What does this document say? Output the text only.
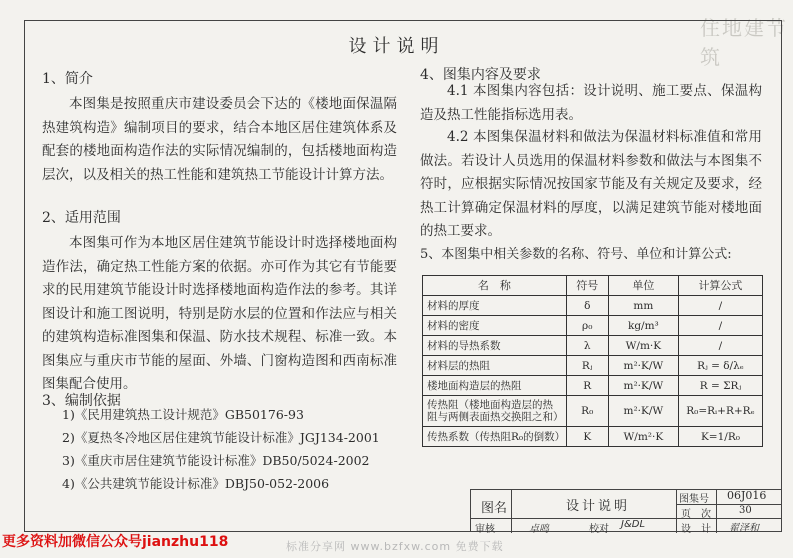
住地建节筑
设计说明
1、简介
本图集是按照重庆市建设委员会下达的《楼地面保温隔热建筑构造》编制项目的要求，结合本地区居住建筑体系及配套的楼地面构造作法的实际情况编制的，包括楼地面构造层次，以及相关的热工性能和建筑热工节能设计计算方法。
2、适用范围
本图集可作为本地区居住建筑节能设计时选择楼地面构造作法，确定热工性能方案的依据。亦可作为其它有节能要求的民用建筑节能设计时选择楼地面构造作法的参考。其详图设计和施工图说明，特别是防水层的位置和作法应与相关的建筑构造标准图集和保温、防水技术规程、标准一致。本图集应与重庆市节能的屋面、外墙、门窗构造图和西南标准图集配合使用。
3、编制依据
1)《民用建筑热工设计规范》GB50176-93
2)《夏热冬冷地区居住建筑节能设计标准》JGJ134-2001
3)《重庆市居住建筑节能设计标准》DB50/5024-2002
4)《公共建筑节能设计标准》DBJ50-052-2006
4、图集内容及要求
4.1 本图集内容包括：设计说明、施工要点、保温构造及热工性能指标选用表。
4.2 本图集保温材料和做法为保温材料标准值和常用做法。若设计人员选用的保温材料参数和做法与本图集不符时，应根据实际情况按国家节能及有关规定及要求，经热工计算确定保温材料的厚度，以满足建筑节能对楼地面的热工要求。
5、本图集中相关参数的名称、符号、单位和计算公式:
名　称	符号	单位	计算公式
材料的厚度	δ	mm	/
材料的密度	ρ₀	kg/m³	/
材料的导热系数	λ	W/m·K	/
材料层的热阻	Rⱼ	m²·K/W	Rⱼ = δ/λₑ
楼地面构造层的热阻	R	m²·K/W	R = ΣRⱼ
传热阻（楼地面构造层的热阻与两侧表面热交换阻之和）	R₀	m²·K/W	R₀=Rᵢ+R+Rₑ
传热系数（传热阻R₀的倒数）	K	W/m²·K	K=1/R₀
图名	设计说明	图集号 06J016
页　次	30
审核	卓鸣	校对 J&DL	设　计 翟泽和
更多资料加微信公众号jianzhu118	标准分享网 www.bzfxw.com 免费下载
